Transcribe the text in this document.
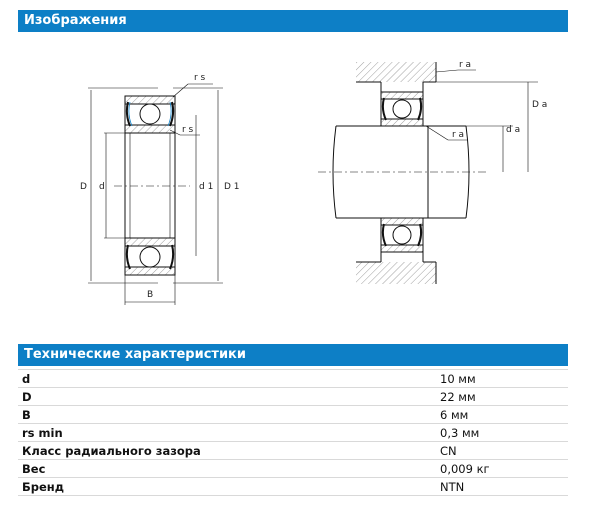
Изображения
r s
r s
D d	d 1 D 1
B
r a
r a
D a
d a
Технические характеристики
d	10 мм
D	22 мм
B	6 мм
rs min	0,3 мм
Класс радиального зазора	CN
Вес	0,009 кг
Бренд	NTN
